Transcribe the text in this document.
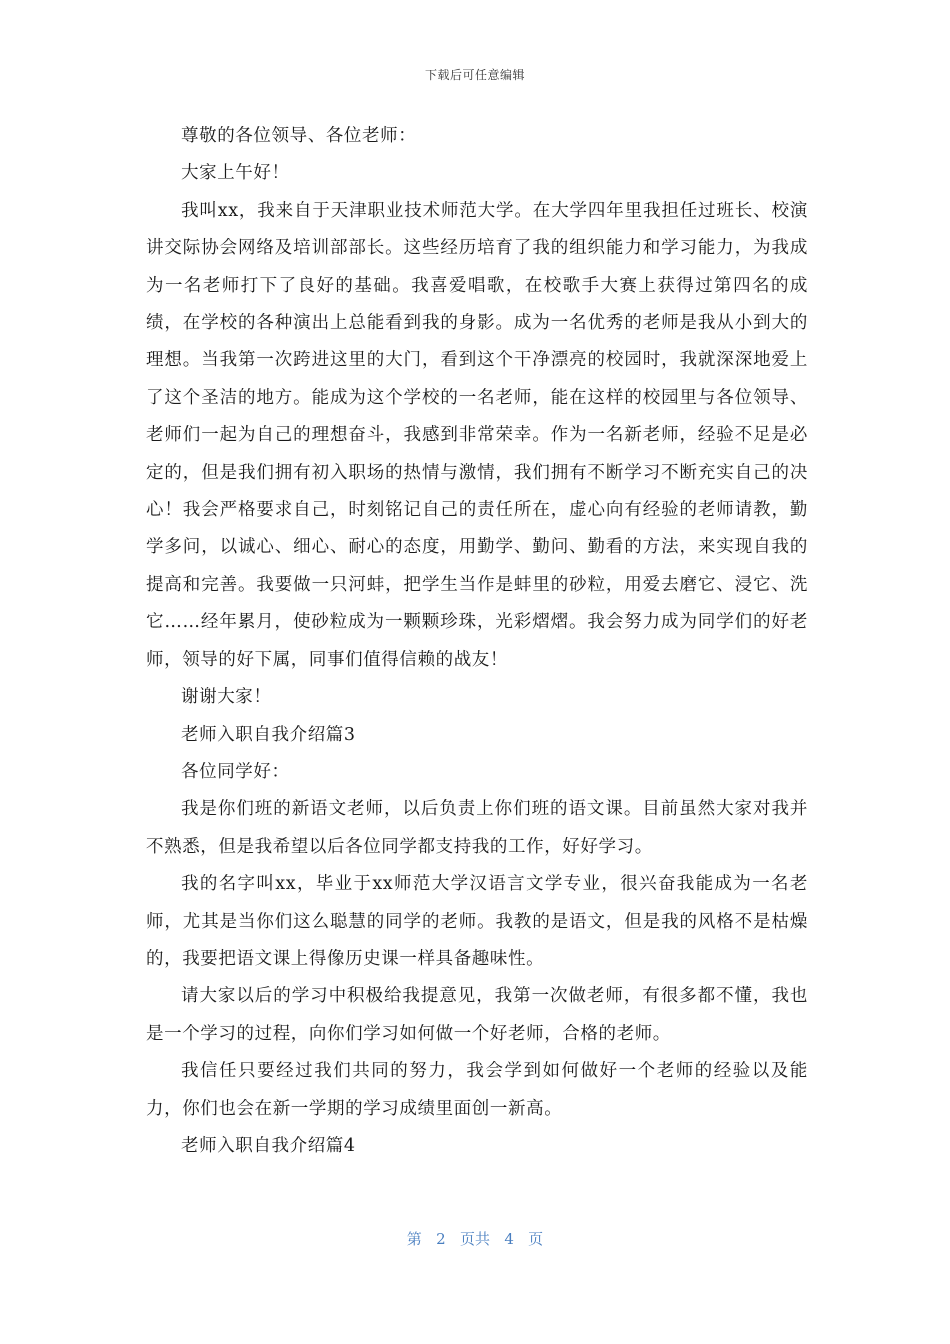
下载后可任意编辑

尊敬的各位领导、各位老师：

大家上午好！

我叫xx，我来自于天津职业技术师范大学。在大学四年里我担任过班长、校演讲交际协会网络及培训部部长。这些经历培育了我的组织能力和学习能力，为我成为一名老师打下了良好的基础。我喜爱唱歌，在校歌手大赛上获得过第四名的成绩，在学校的各种演出上总能看到我的身影。成为一名优秀的老师是我从小到大的理想。当我第一次跨进这里的大门，看到这个干净漂亮的校园时，我就深深地爱上了这个圣洁的地方。能成为这个学校的一名老师，能在这样的校园里与各位领导、老师们一起为自己的理想奋斗，我感到非常荣幸。作为一名新老师，经验不足是必定的，但是我们拥有初入职场的热情与激情，我们拥有不断学习不断充实自己的决心！我会严格要求自己，时刻铭记自己的责任所在，虚心向有经验的老师请教，勤学多问，以诚心、细心、耐心的态度，用勤学、勤问、勤看的方法，来实现自我的提高和完善。我要做一只河蚌，把学生当作是蚌里的砂粒，用爱去磨它、浸它、洗它……经年累月，使砂粒成为一颗颗珍珠，光彩熠熠。我会努力成为同学们的好老师，领导的好下属，同事们值得信赖的战友！

谢谢大家！

老师入职自我介绍篇3

各位同学好：

我是你们班的新语文老师，以后负责上你们班的语文课。目前虽然大家对我并不熟悉，但是我希望以后各位同学都支持我的工作，好好学习。

我的名字叫xx，毕业于xx师范大学汉语言文学专业，很兴奋我能成为一名老师，尤其是当你们这么聪慧的同学的老师。我教的是语文，但是我的风格不是枯燥的，我要把语文课上得像历史课一样具备趣味性。

请大家以后的学习中积极给我提意见，我第一次做老师，有很多都不懂，我也是一个学习的过程，向你们学习如何做一个好老师，合格的老师。

我信任只要经过我们共同的努力，我会学到如何做好一个老师的经验以及能力，你们也会在新一学期的学习成绩里面创一新高。

老师入职自我介绍篇4

第 2 页共 4 页
